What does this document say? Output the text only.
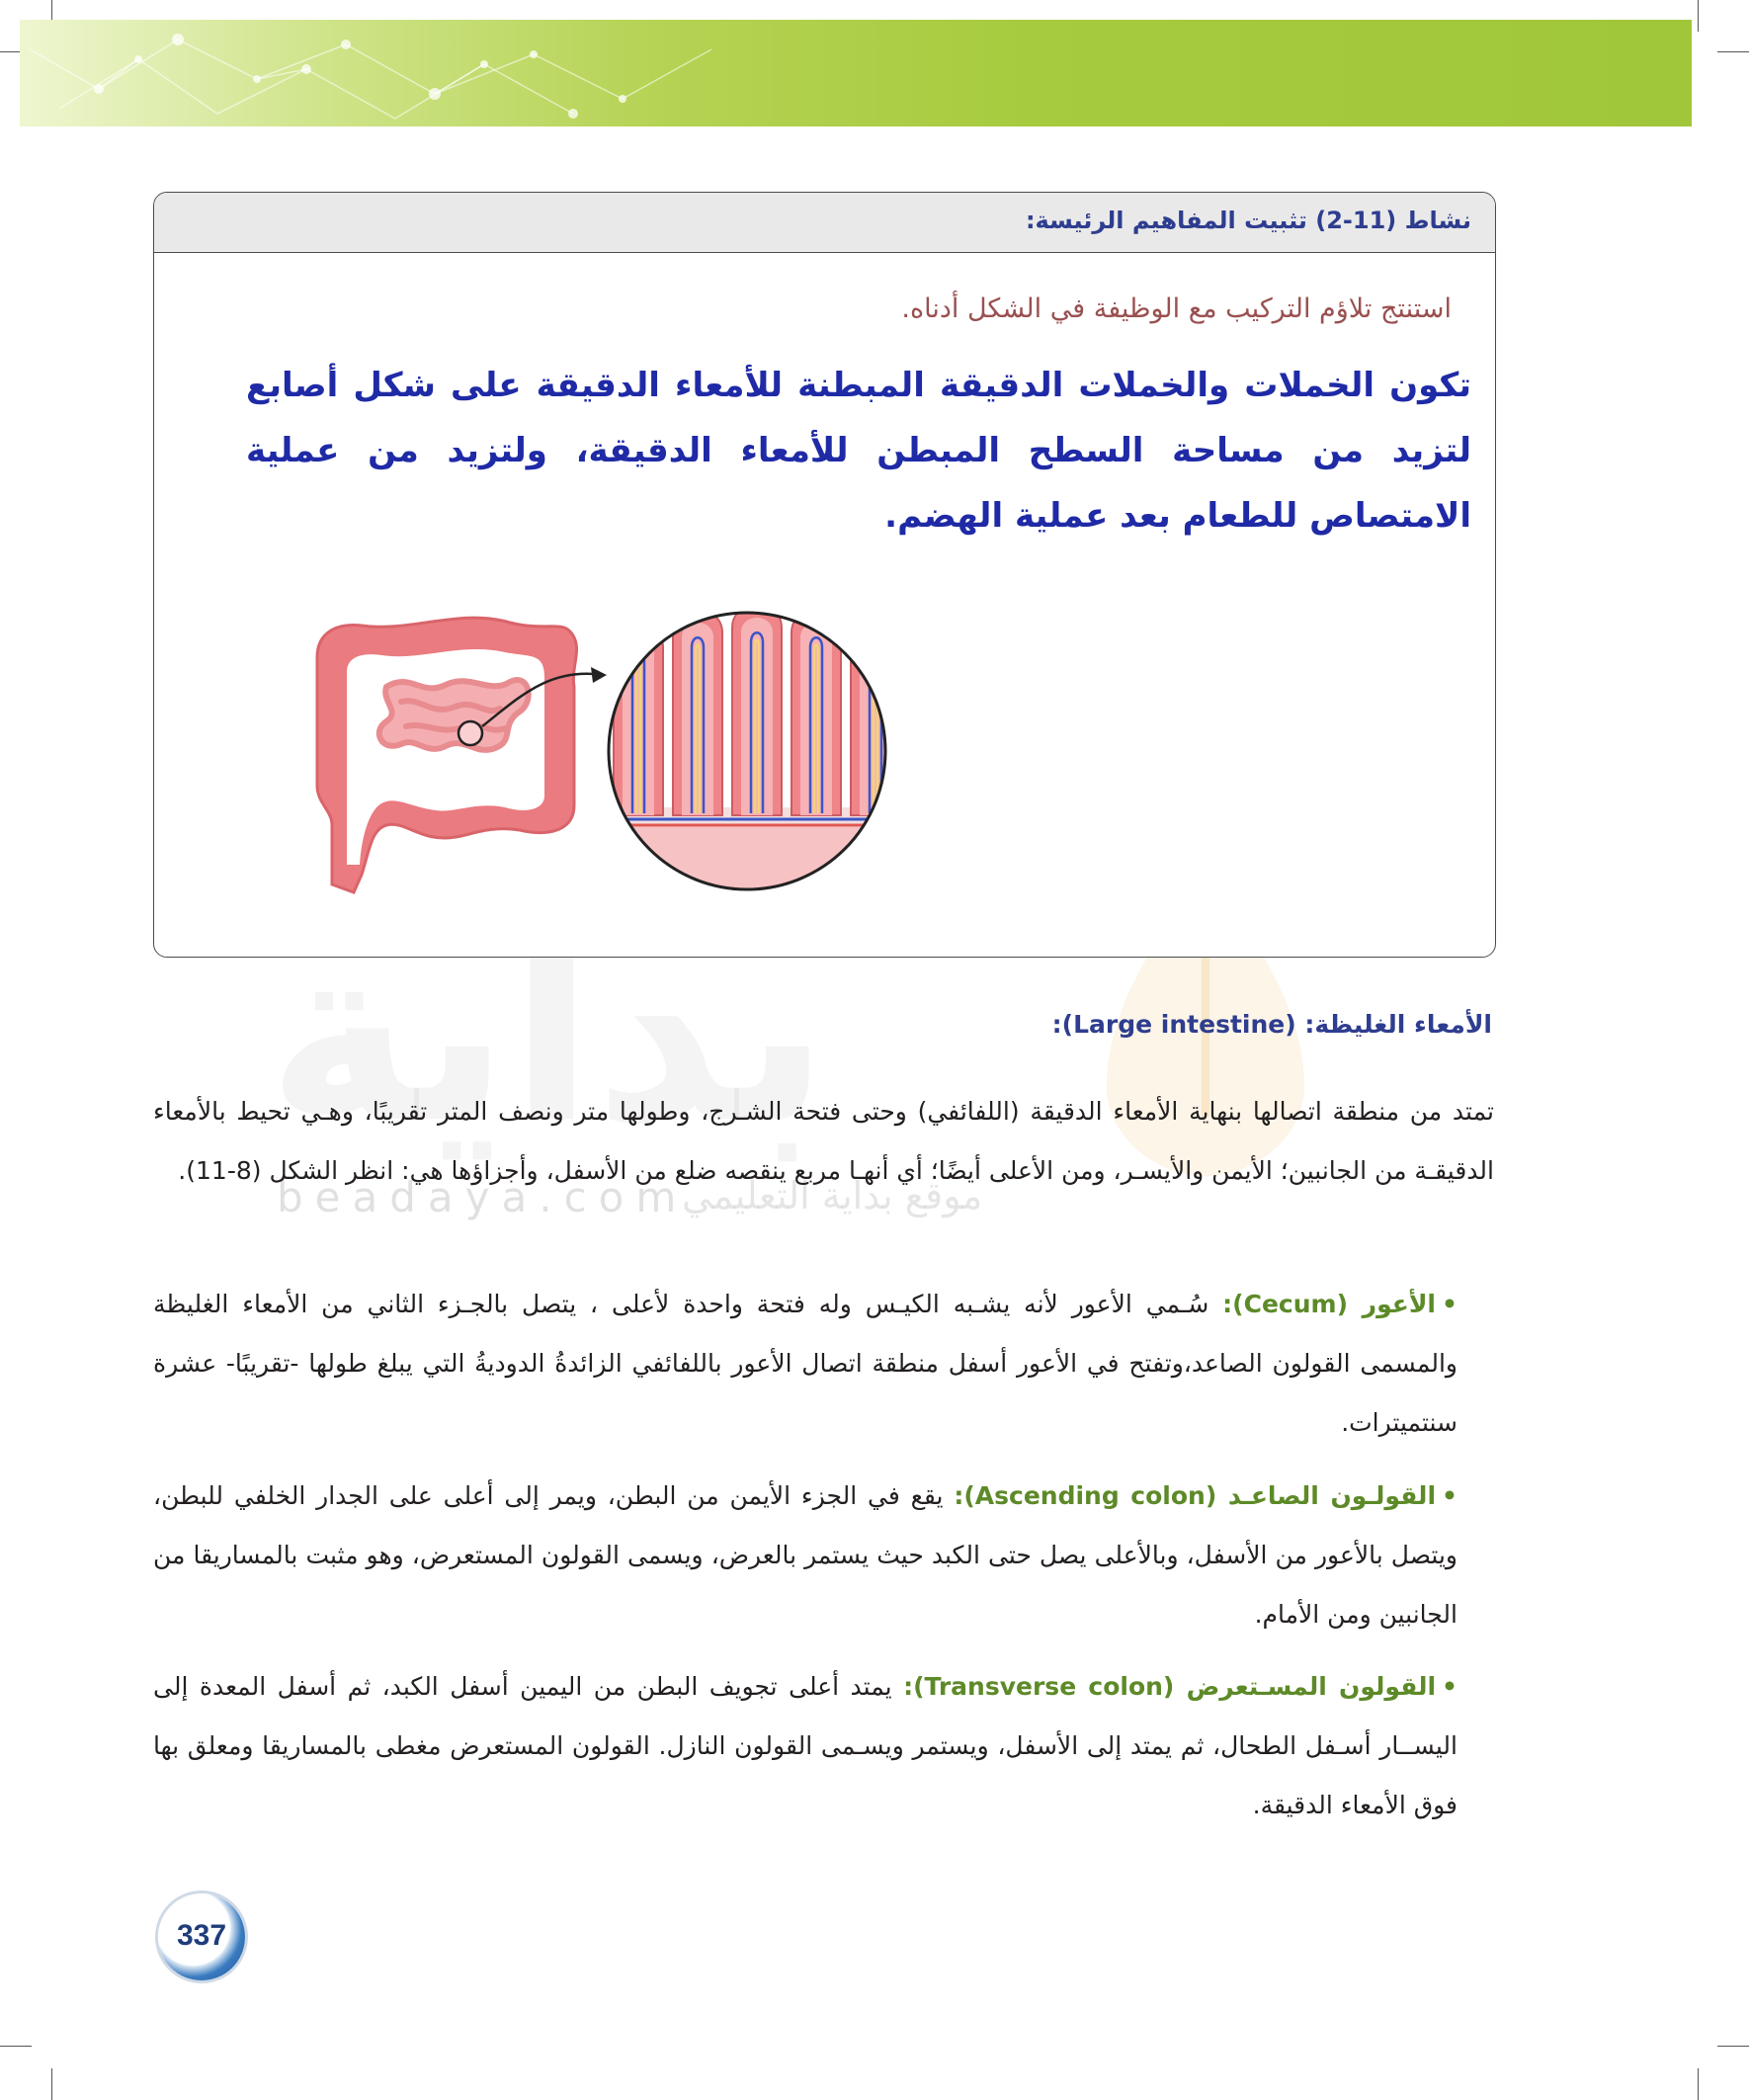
beadaya.com
موقع بداية التعليمي
نشاط (11-2) تثبيت المفاهيم الرئيسة:
استنتج تلاؤم التركيب مع الوظيفة في الشكل أدناه.
تكون الخملات والخملات الدقيقة المبطنة للأمعاء الدقيقة على شكل أصابع لتزيد من مساحة السطح المبطن للأمعاء الدقيقة، ولتزيد من عملية الامتصاص للطعام بعد عملية الهضم.
الأمعاء الغليظة: (Large intestine):
تمتد من منطقة اتصالها بنهاية الأمعاء الدقيقة (اللفائفي) وحتى فتحة الشـرج، وطولها متر ونصف المتر تقريبًا، وهـي تحيط بالأمعاء الدقيقـة من الجانبين؛ الأيمن والأيسـر، ومن الأعلى أيضًا؛ أي أنهـا مربع ينقصه ضلع من الأسفل، وأجزاؤها هي: انظر الشكل (8-11).
•الأعور (Cecum): سُـمي الأعور لأنه يشـبه الكيـس وله فتحة واحدة لأعلى ، يتصل بالجـزء الثاني من الأمعاء الغليظة والمسمى القولون الصاعد،وتفتح في الأعور أسفل منطقة اتصال الأعور باللفائفي الزائدةُ الدوديةُ التي يبلغ طولها -تقريبًا- عشرة سنتميترات.
•القولـون الصاعـد (Ascending colon): يقع في الجزء الأيمن من البطن، ويمر إلى أعلى على الجدار الخلفي للبطن، ويتصل بالأعور من الأسفل، وبالأعلى يصل حتى الكبد حيث يستمر بالعرض، ويسمى القولون المستعرض، وهو مثبت بالمساريقا من الجانبين ومن الأمام.
•القولون المسـتعرض (Transverse colon): يمتد أعلى تجويف البطن من اليمين أسفل الكبد، ثم أسفل المعدة إلى اليســار أسـفل الطحال، ثم يمتد إلى الأسفل، ويستمر ويسـمى القولون النازل. القولون المستعرض مغطى بالمساريقا ومعلق بها فوق الأمعاء الدقيقة.
337
